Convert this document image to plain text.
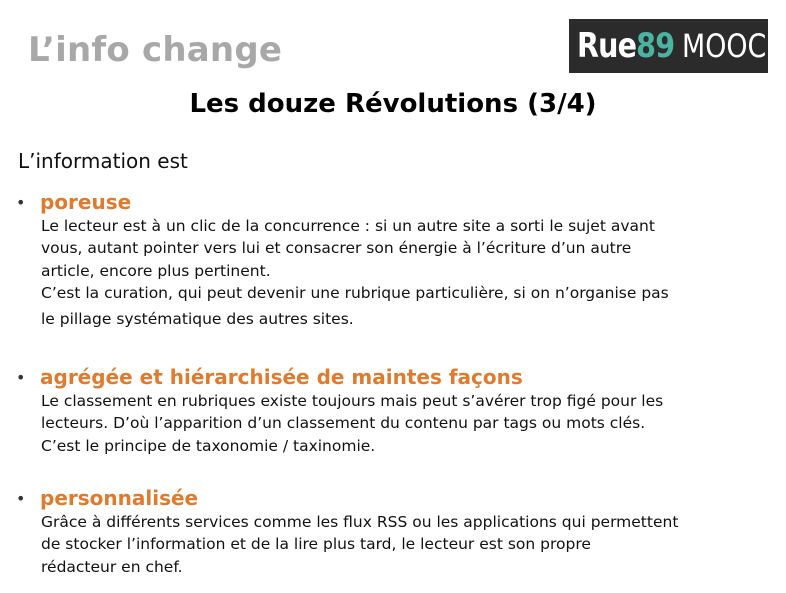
L’info change	Rue89 MOOC
Les douze Révolutions (3/4)
L’information est
• poreuse
Le lecteur est à un clic de la concurrence : si un autre site a sorti le sujet avant
vous, autant pointer vers lui et consacrer son énergie à l’écriture d’un autre
article, encore plus pertinent.
C’est la curation, qui peut devenir une rubrique particulière, si on n’organise pas
le pillage systématique des autres sites.
• agrégée et hiérarchisée de maintes façons
Le classement en rubriques existe toujours mais peut s’avérer trop figé pour les
lecteurs. D’où l’apparition d’un classement du contenu par tags ou mots clés.
C’est le principe de taxonomie / taxinomie.
• personnalisée
Grâce à différents services comme les flux RSS ou les applications qui permettent
de stocker l’information et de la lire plus tard, le lecteur est son propre
rédacteur en chef.
